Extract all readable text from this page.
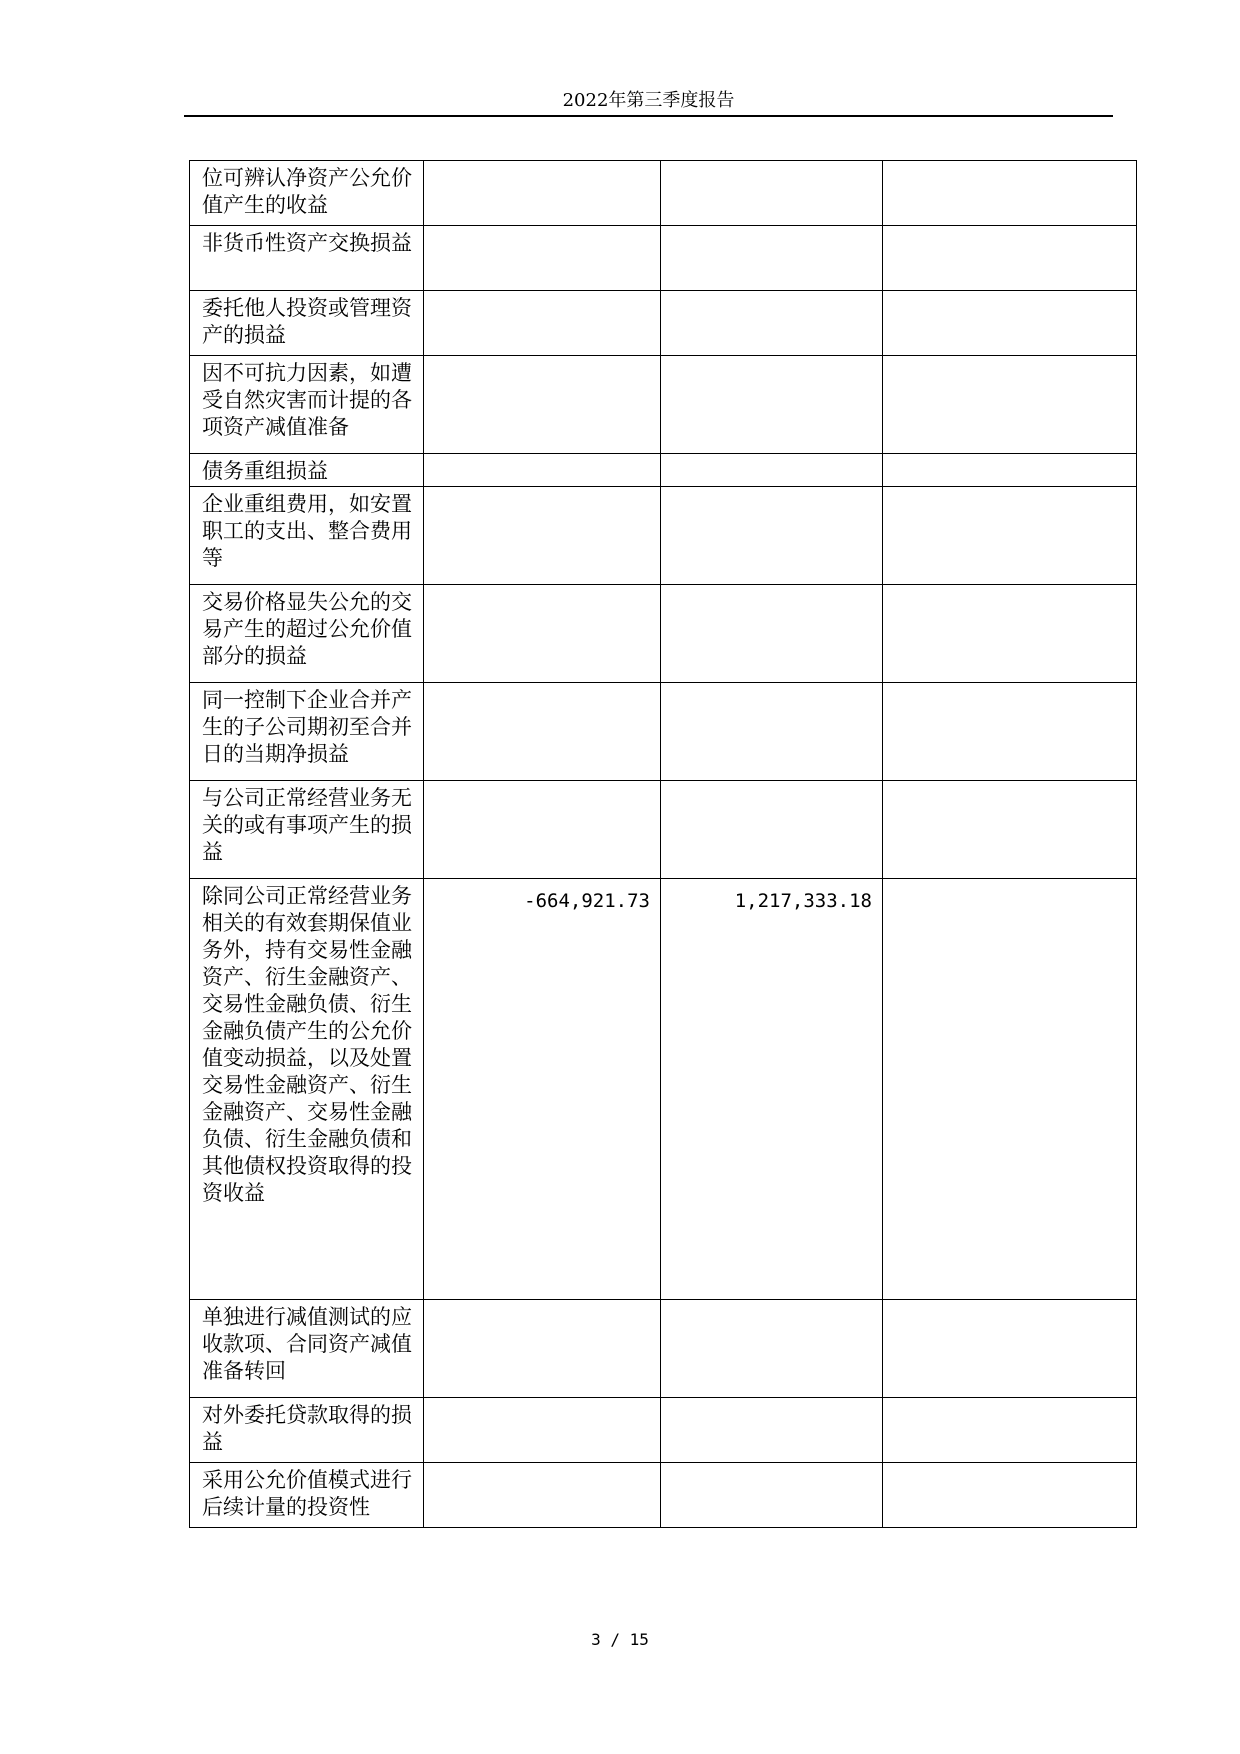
2022年第三季度报告
位可辨认净资产公允价值产生的收益			
非货币性资产交换损益			
委托他人投资或管理资产的损益			
因不可抗力因素，如遭受自然灾害而计提的各项资产减值准备			
债务重组损益			
企业重组费用，如安置职工的支出、整合费用等			
交易价格显失公允的交易产生的超过公允价值部分的损益			
同一控制下企业合并产生的子公司期初至合并日的当期净损益			
与公司正常经营业务无关的或有事项产生的损益			
除同公司正常经营业务相关的有效套期保值业务外，持有交易性金融资产、衍生金融资产、交易性金融负债、衍生金融负债产生的公允价值变动损益，以及处置交易性金融资产、衍生金融资产、交易性金融负债、衍生金融负债和其他债权投资取得的投资收益	-664,921.73	1,217,333.18	
单独进行减值测试的应收款项、合同资产减值准备转回			
对外委托贷款取得的损益			
采用公允价值模式进行后续计量的投资性			
3 / 15
